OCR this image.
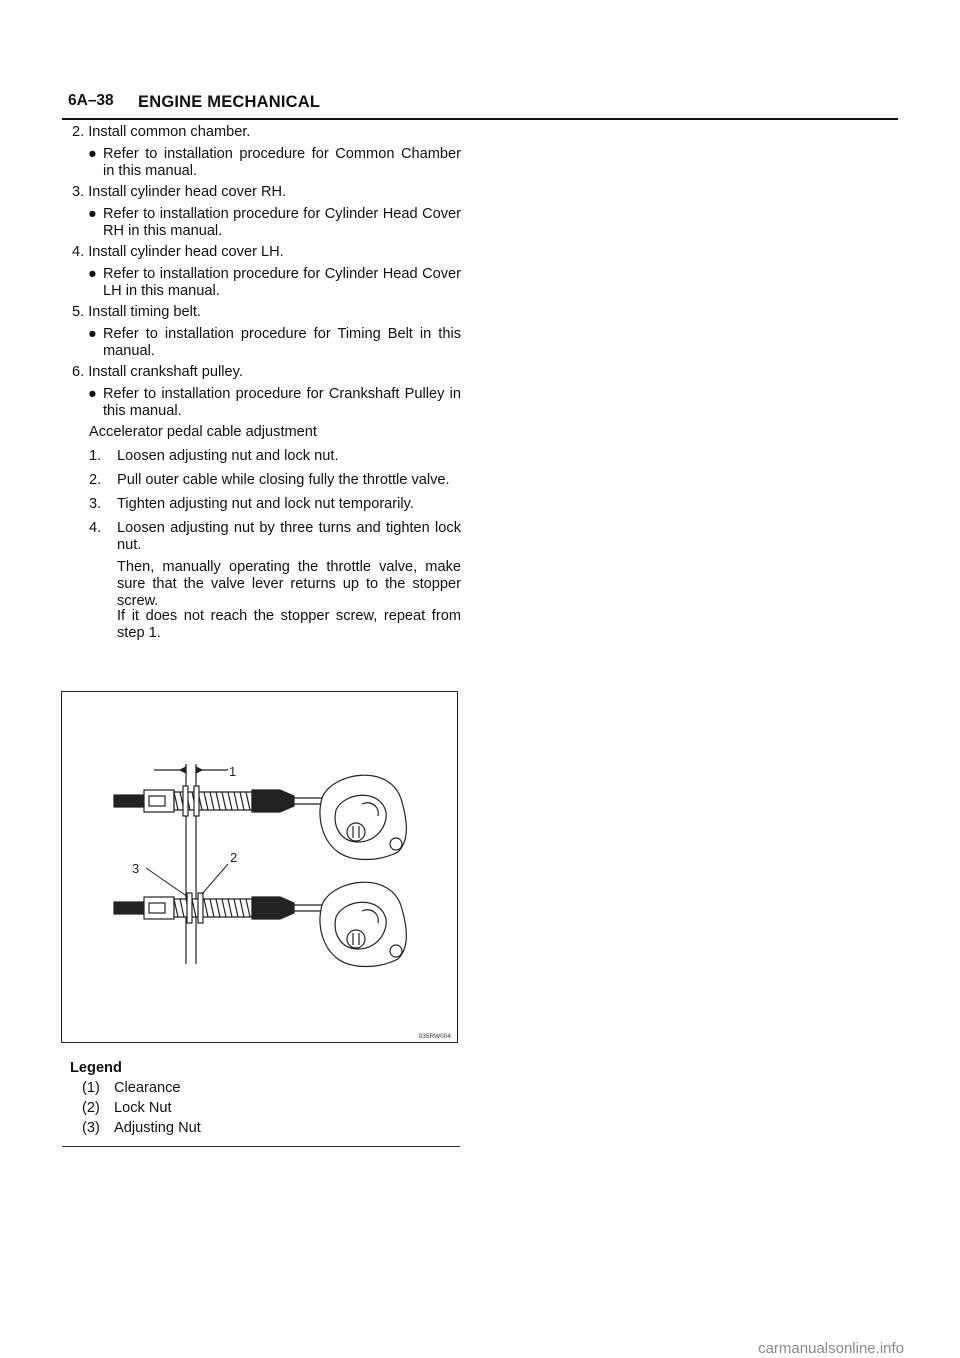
6A–38 ENGINE MECHANICAL
2. Install common chamber.
● Refer to installation procedure for Common Chamber in this manual.
3. Install cylinder head cover RH.
● Refer to installation procedure for Cylinder Head Cover RH in this manual.
4. Install cylinder head cover LH.
● Refer to installation procedure for Cylinder Head Cover LH in this manual.
5. Install timing belt.
● Refer to installation procedure for Timing Belt in this manual.
6. Install crankshaft pulley.
● Refer to installation procedure for Crankshaft Pulley in this manual.
Accelerator pedal cable adjustment
1. Loosen adjusting nut and lock nut.
2. Pull outer cable while closing fully the throttle valve.
3. Tighten adjusting nut and lock nut temporarily.
4. Loosen adjusting nut by three turns and tighten lock nut.
Then, manually operating the throttle valve, make sure that the valve lever returns up to the stopper screw.
If it does not reach the stopper screw, repeat from step 1.
1
2
3
035RW004
Legend
(1) Clearance
(2) Lock Nut
(3) Adjusting Nut
carmanualsonline.info
